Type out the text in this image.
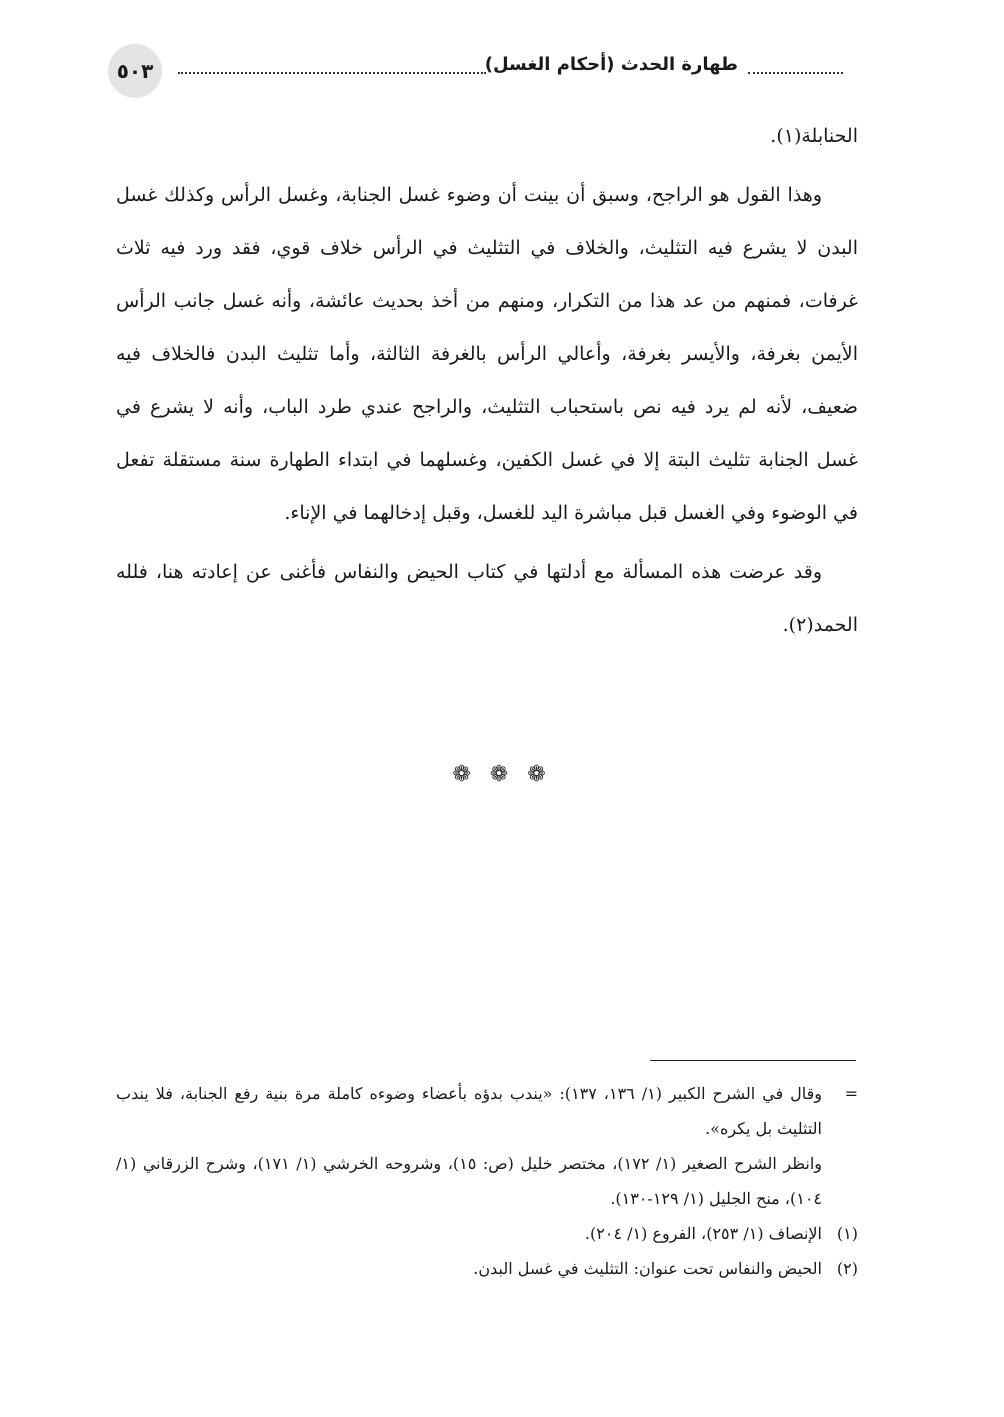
٥٠٣	طهارة الحدث (أحكام الغسل)

الحنابلة(١).

وهذا القول هو الراجح، وسبق أن بينت أن وضوء غسل الجنابة، وغسل الرأس وكذلك غسل البدن لا يشرع فيه التثليث، والخلاف في التثليث في الرأس خلاف قوي، فقد ورد فيه ثلاث غرفات، فمنهم من عد هذا من التكرار، ومنهم من أخذ بحديث عائشة، وأنه غسل جانب الرأس الأيمن بغرفة، والأيسر بغرفة، وأعالي الرأس بالغرفة الثالثة، وأما تثليث البدن فالخلاف فيه ضعيف، لأنه لم يرد فيه نص باستحباب التثليث، والراجح عندي طرد الباب، وأنه لا يشرع في غسل الجنابة تثليث البتة إلا في غسل الكفين، وغسلهما في ابتداء الطهارة سنة مستقلة تفعل في الوضوء وفي الغسل قبل مباشرة اليد للغسل، وقبل إدخالهما في الإناء.

وقد عرضت هذه المسألة مع أدلتها في كتاب الحيض والنفاس فأغنى عن إعادته هنا، فلله الحمد(٢).

❁ ❁ ❁
=
وقال في الشرح الكبير (١/ ١٣٦، ١٣٧): «يندب بدؤه بأعضاء وضوءه كاملة مرة بنية رفع الجنابة، فلا يندب التثليث بل يكره».
وانظر الشرح الصغير (١/ ١٧٢)، مختصر خليل (ص: ١٥)، وشروحه الخرشي (١/ ١٧١)، وشرح الزرقاني (١/ ١٠٤)، منح الجليل (١/ ١٢٩-١٣٠).
(١)
الإنصاف (١/ ٢٥٣)، الفروع (١/ ٢٠٤).
(٢)
الحيض والنفاس تحت عنوان: التثليث في غسل البدن.
